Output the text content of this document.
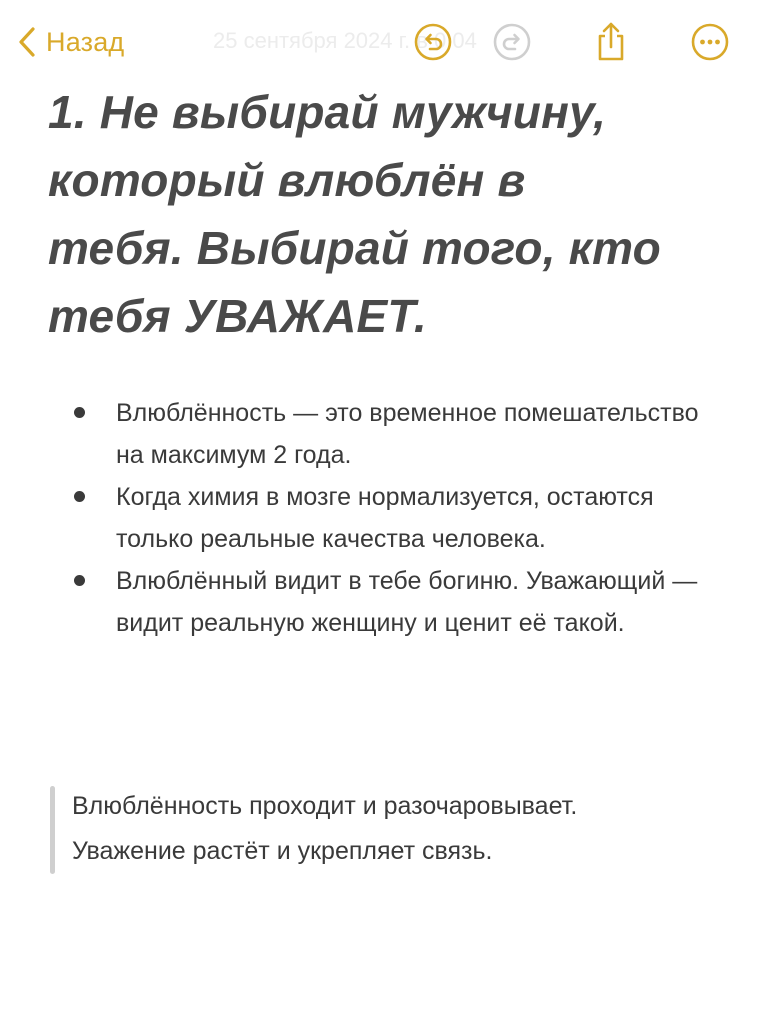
Назад	25 сентября 2024 г. в 0:04
1. Не выбирай мужчину, который влюблён в тебя. Выбирай того, кто тебя УВАЖАЕТ.
Влюблённость — это временное помешательство на максимум 2 года.
Когда химия в мозге нормализуется, остаются только реальные качества человека.
Влюблённый видит в тебе богиню. Уважающий — видит реальную женщину и ценит её такой.
Влюблённость проходит и разочаровывает.
Уважение растёт и укрепляет связь.
